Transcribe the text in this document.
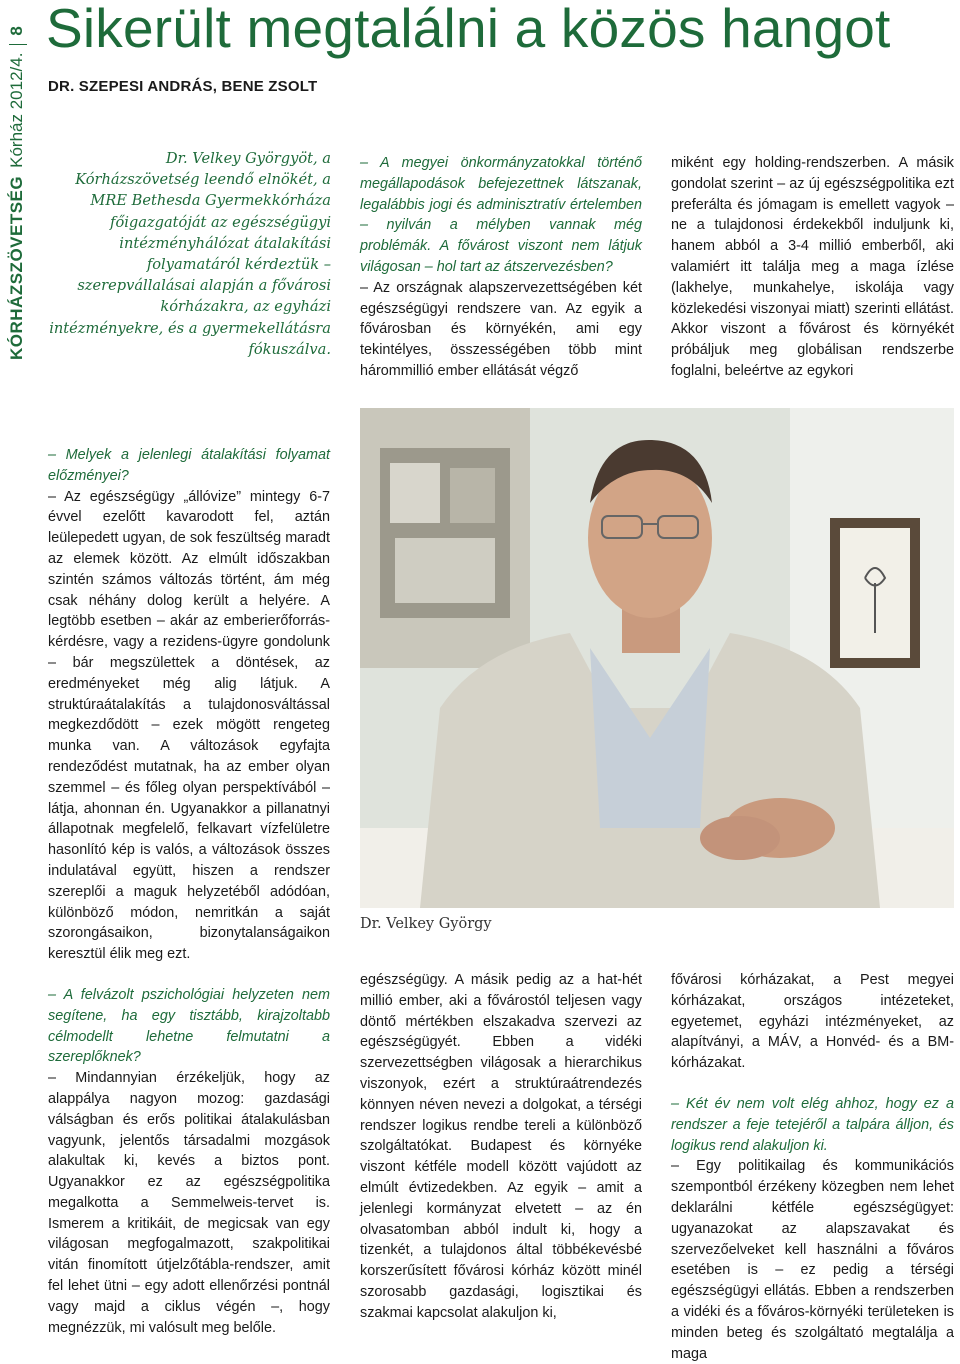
KÓRHÁZSZÖVETSÉGKórház 2012/4.8 Sikerült megtalálni a közös hangot
DR. SZEPESI ANDRÁS, BENE ZSOLT

Dr. Velkey Györgyöt, a Kórházszövetség leendő elnökét, a MRE Bethesda Gyermekkórháza főigazgatóját az egészségügyi intézményhálózat átalakítási folyamatáról kérdeztük – szerepvállalásai alapján a fővárosi kórházakra, az egyházi intézményekre, és a gyermekellátásra fókuszálva.

– A megyei önkormányzatokkal történő megállapodások befejezettnek látszanak, legalábbis jogi és adminisztratív értelemben – nyilván a mélyben vannak még problémák. A fővárost viszont nem látjuk világosan – hol tart az átszervezésben?

– Az országnak alapszervezettségében két egészségügyi rendszere van. Az egyik a fővárosban és környékén, ami egy tekintélyes, összességében több mint hárommillió ember ellátását végző

miként egy holding-rendszerben. A másik gondolat szerint – az új egészségpolitika ezt preferálta és jómagam is emellett vagyok – ne a tulajdonosi érdekekből induljunk ki, hanem abból a 3-4 millió emberből, aki valamiért itt találja meg a maga ízlése (lakhelye, munkahelye, iskolája vagy közlekedési viszonyai miatt) szerinti ellátást. Akkor viszont a fővárost és környékét próbáljuk meg globálisan rendszerbe foglalni, beleértve az egykori

– Melyek a jelenlegi átalakítási folyamat előzményei?

– Az egészségügy „állóvize” mintegy 6-7 évvel ezelőtt kavarodott fel, aztán leülepedett ugyan, de sok feszültség maradt az elemek között. Az elmúlt időszakban szintén számos változás történt, ám még csak néhány dolog került a helyére. A legtöbb esetben – akár az emberierőforrás-kérdésre, vagy a rezidens-ügyre gondolunk – bár megszülettek a döntések, az eredményeket még alig látjuk. A struktúraátalakítás a tulajdonosváltással megkezdődött – ezek mögött rengeteg munka van. A változások egyfajta rendeződést mutatnak, ha az ember olyan szemmel – és főleg olyan perspektívából – látja, ahonnan én. Ugyanakkor a pillanatnyi állapotnak megfelelő, felkavart vízfelületre hasonlító kép is valós, a változások összes indulatával együtt, hiszen a rendszer szereplői a maguk helyzetéből adódóan, különböző módon, nemritkán a saját szorongásaikon, bizonytalanságaikon keresztül élik meg ezt.

– A felvázolt pszichológiai helyzeten nem segítene, ha egy tisztább, kirajzoltabb célmodellt lehetne felmutatni a szereplőknek?

– Mindannyian érzékeljük, hogy az alappálya nagyon mozog: gazdasági válságban és erős politikai átalakulásban vagyunk, jelentős társadalmi mozgások alakultak ki, kevés a biztos pont. Ugyanakkor ez az egészségpolitika megalkotta a Semmelweis-tervet is. Ismerem a kritikáit, de megicsak van egy világosan megfogalmazott, szakpolitikai vitán finomított útjelzőtábla-rendszer, amit fel lehet ütni – egy adott ellenőrzési pontnál vagy majd a ciklus végén –, hogy megnézzük, mi valósult meg belőle.

Dr. Velkey György

egészségügy. A másik pedig az a hat-hét millió ember, aki a fővárostól teljesen vagy döntő mértékben elszakadva szervezi az egészségügyét. Ebben a vidéki szervezettségben világosak a hierarchikus viszonyok, ezért a struktúraátrendezés könnyen néven nevezi a dolgokat, a térségi rendszer logikus rendbe tereli a különböző szolgáltatókat. Budapest és környéke viszont kétféle modell között vajúdott az elmúlt évtizedekben. Az egyik – amit a jelenlegi kormányzat elvetett – az én olvasatomban abból indult ki, hogy a tizenkét, a tulajdonos által többékevésbé korszerűsített fővárosi kórház között minél szorosabb gazdasági, logisztikai és szakmai kapcsolat alakuljon ki,

fővárosi kórházakat, a Pest megyei kórházakat, országos intézeteket, egyetemet, egyházi intézményeket, az alapítványi, a MÁV, a Honvéd- és a BM-kórházakat.

– Két év nem volt elég ahhoz, hogy ez a rendszer a feje tetejéről a talpára álljon, és logikus rend alakuljon ki.

– Egy politikailag és kommunikációs szempontból érzékeny közegben nem lehet deklarálni kétféle egészségügyet: ugyanazokat az alapszavakat és szervezőelveket kell használni a főváros esetében is – ez pedig a térségi egészségügyi ellátás. Ebben a rendszerben a vidéki és a főváros-környéki területeken is minden beteg és szolgáltató megtalálja a maga
